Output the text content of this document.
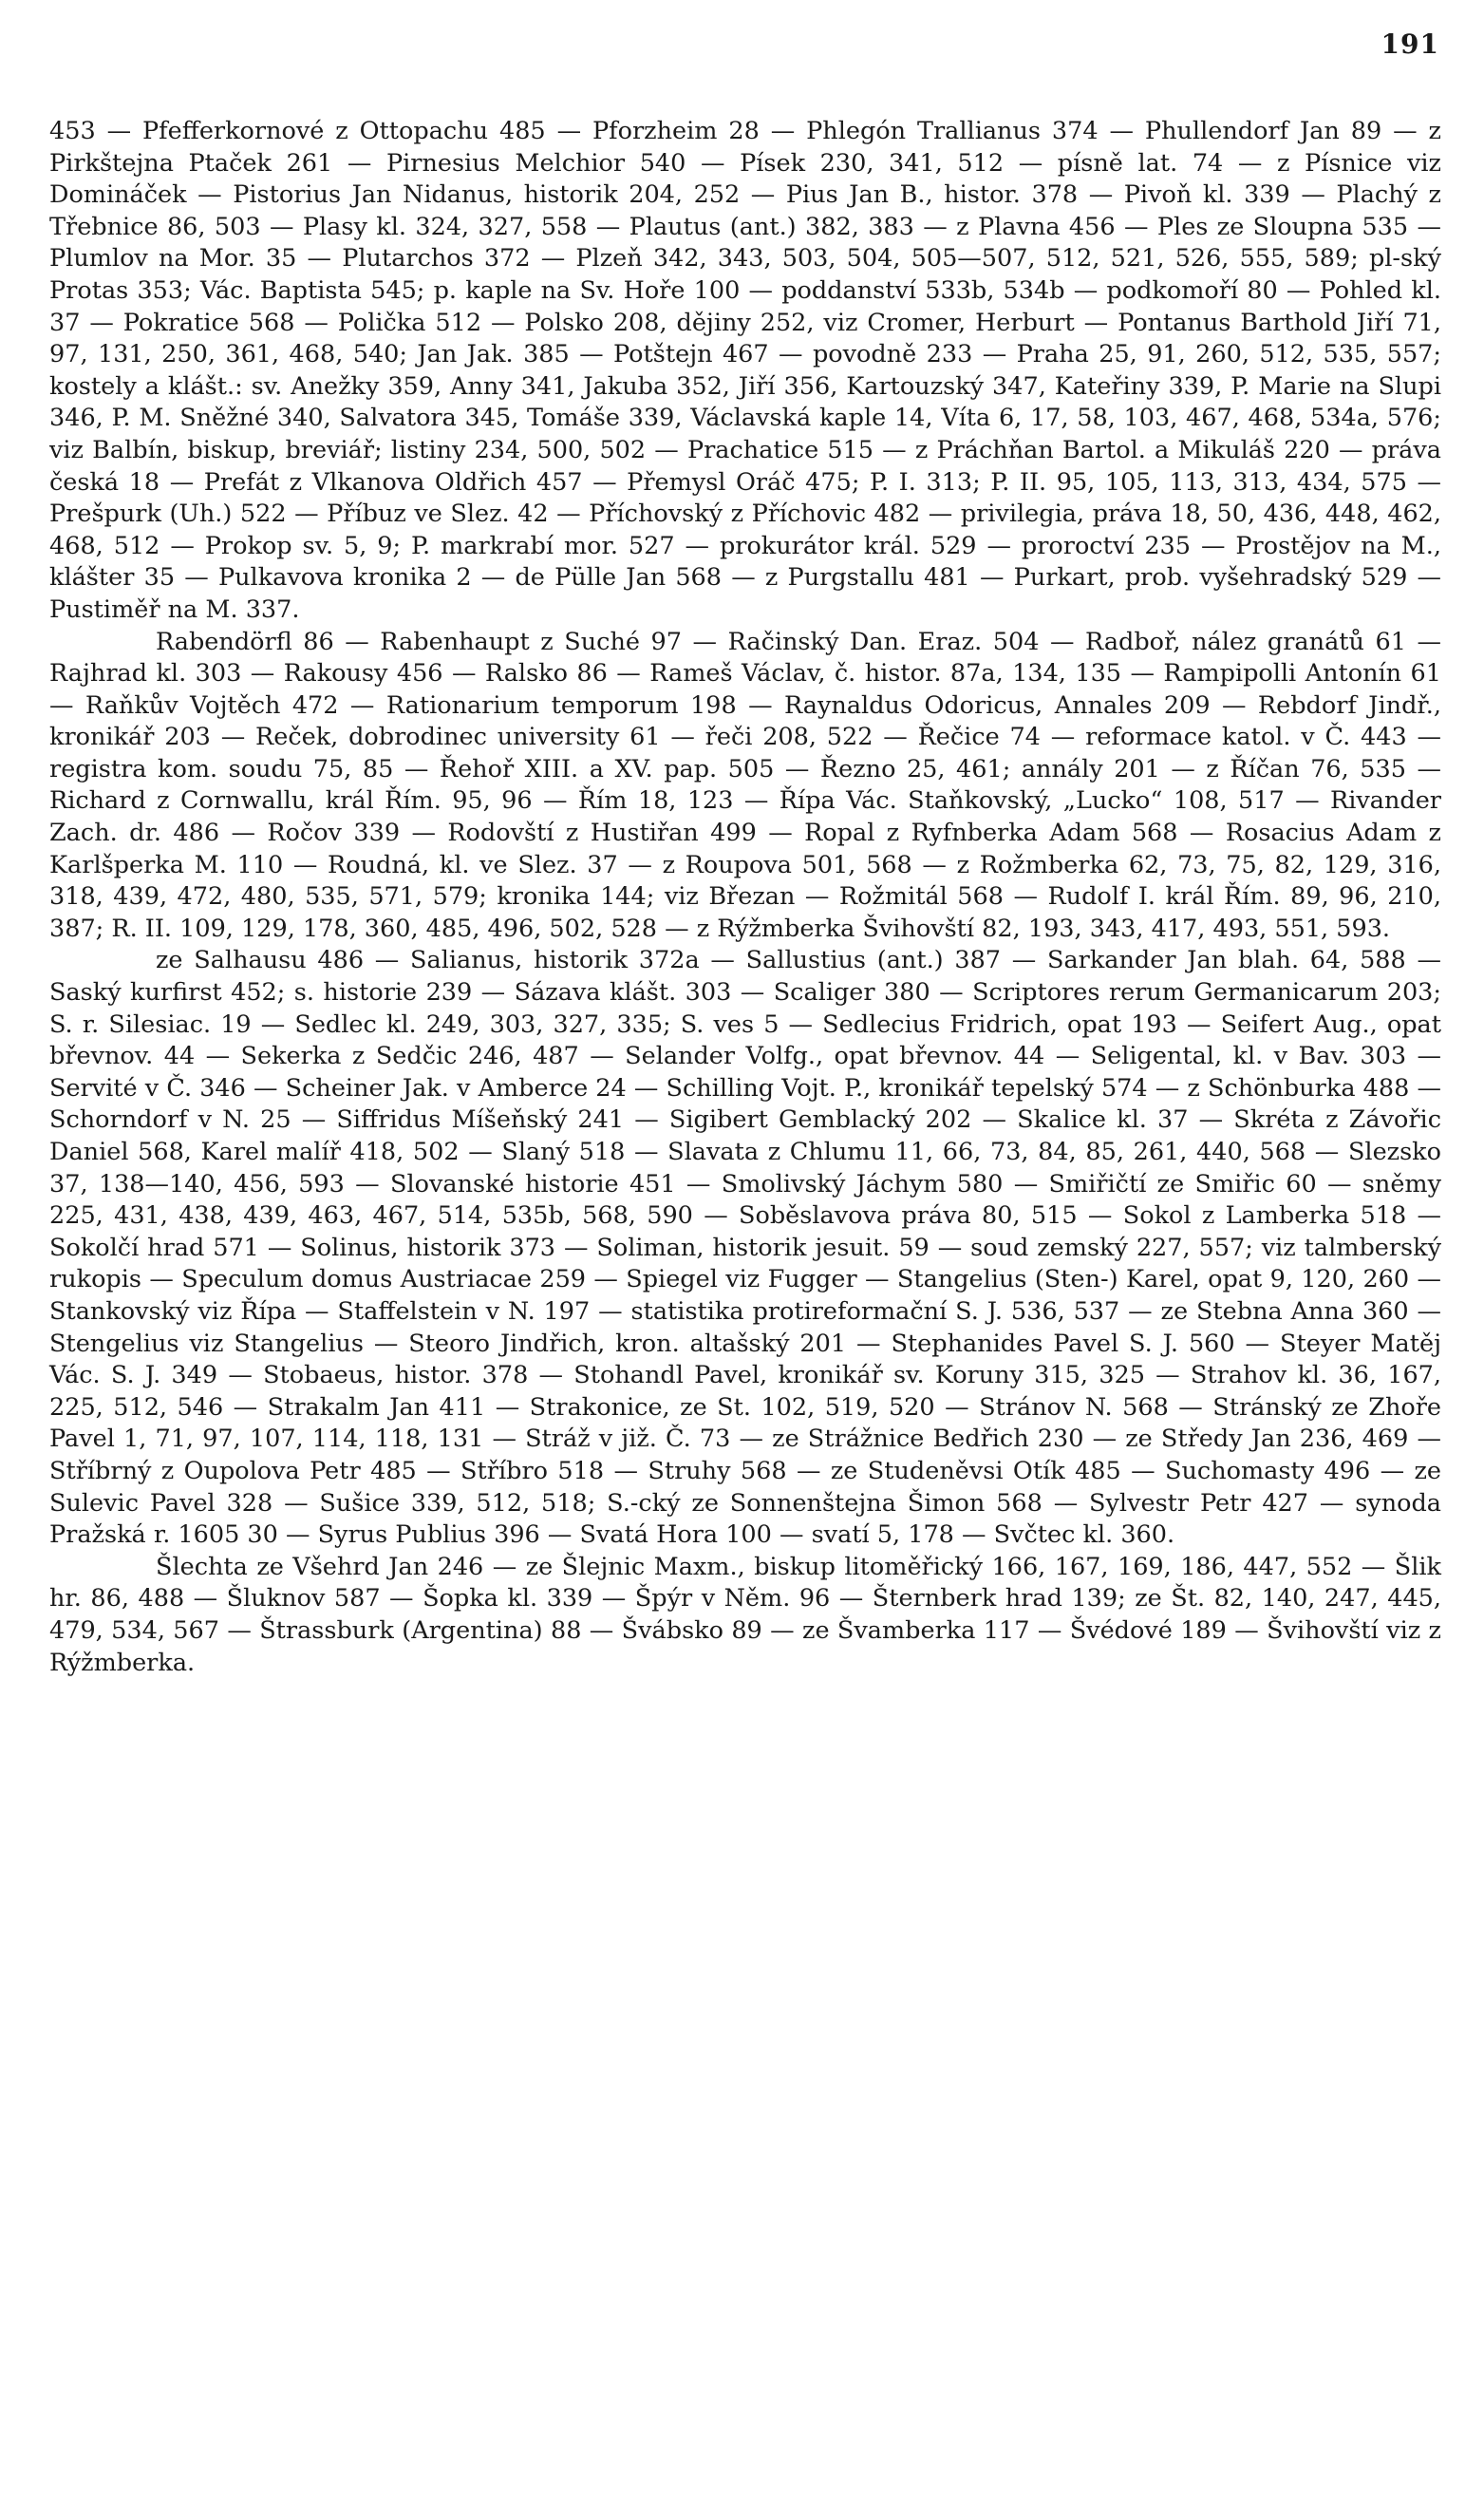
191

453 — Pfefferkornové z Ottopachu 485 — Pforzheim 28 — Phlegón Trallianus 374 — Phullendorf Jan 89 — z Pirkštejna Ptaček 261 — Pirnesius Melchior 540 — Písek 230, 341, 512 — písně lat. 74 — z Písnice viz Domináček — Pistorius Jan Nidanus, historik 204, 252 — Pius Jan B., histor. 378 — Pivoň kl. 339 — Plachý z Třebnice 86, 503 — Plasy kl. 324, 327, 558 — Plautus (ant.) 382, 383 — z Plavna 456 — Ples ze Sloupna 535 — Plumlov na Mor. 35 — Plutarchos 372 — Plzeň 342, 343, 503, 504, 505—507, 512, 521, 526, 555, 589; pl-ský Protas 353; Vác. Baptista 545; p. kaple na Sv. Hoře 100 — poddanství 533b, 534b — podkomoří 80 — Pohled kl. 37 — Pokratice 568 — Polička 512 — Polsko 208, dějiny 252, viz Cromer, Herburt — Pontanus Barthold Jiří 71, 97, 131, 250, 361, 468, 540; Jan Jak. 385 — Potštejn 467 — povodně 233 — Praha 25, 91, 260, 512, 535, 557; kostely a klášt.: sv. Anežky 359, Anny 341, Jakuba 352, Jiří 356, Kartouzský 347, Kateřiny 339, P. Marie na Slupi 346, P. M. Sněžné 340, Salvatora 345, Tomáše 339, Václavská kaple 14, Víta 6, 17, 58, 103, 467, 468, 534a, 576; viz Balbín, biskup, breviář; listiny 234, 500, 502 — Prachatice 515 — z Práchňan Bartol. a Mikuláš 220 — práva česká 18 — Prefát z Vlkanova Oldřich 457 — Přemysl Oráč 475; P. I. 313; P. II. 95, 105, 113, 313, 434, 575 — Prešpurk (Uh.) 522 — Příbuz ve Slez. 42 — Příchovský z Příchovic 482 — privilegia, práva 18, 50, 436, 448, 462, 468, 512 — Prokop sv. 5, 9; P. markrabí mor. 527 — prokurátor král. 529 — proroctví 235 — Prostějov na M., klášter 35 — Pulkavova kronika 2 — de Pülle Jan 568 — z Purgstallu 481 — Purkart, prob. vyšehradský 529 — Pustiměř na M. 337.

Rabendörfl 86 — Rabenhaupt z Suché 97 — Račinský Dan. Eraz. 504 — Radboř, nález granátů 61 — Rajhrad kl. 303 — Rakousy 456 — Ralsko 86 — Rameš Václav, č. histor. 87a, 134, 135 — Rampipolli Antonín 61 — Raňkův Vojtěch 472 — Rationarium temporum 198 — Raynaldus Odoricus, Annales 209 — Rebdorf Jindř., kronikář 203 — Reček, dobrodinec university 61 — řeči 208, 522 — Řečice 74 — reformace katol. v Č. 443 — registra kom. soudu 75, 85 — Řehoř XIII. a XV. pap. 505 — Řezno 25, 461; annály 201 — z Říčan 76, 535 — Richard z Cornwallu, král Řím. 95, 96 — Řím 18, 123 — Řípa Vác. Staňkovský, „Lucko“ 108, 517 — Rivander Zach. dr. 486 — Ročov 339 — Rodovští z Hustiřan 499 — Ropal z Ryfnberka Adam 568 — Rosacius Adam z Karlšperka M. 110 — Roudná, kl. ve Slez. 37 — z Roupova 501, 568 — z Rožmberka 62, 73, 75, 82, 129, 316, 318, 439, 472, 480, 535, 571, 579; kronika 144; viz Březan — Rožmitál 568 — Rudolf I. král Řím. 89, 96, 210, 387; R. II. 109, 129, 178, 360, 485, 496, 502, 528 — z Rýžmberka Švihovští 82, 193, 343, 417, 493, 551, 593.

ze Salhausu 486 — Salianus, historik 372a — Sallustius (ant.) 387 — Sarkander Jan blah. 64, 588 — Saský kurfirst 452; s. historie 239 — Sázava klášt. 303 — Scaliger 380 — Scriptores rerum Germanicarum 203; S. r. Silesiac. 19 — Sedlec kl. 249, 303, 327, 335; S. ves 5 — Sedlecius Fridrich, opat 193 — Seifert Aug., opat břevnov. 44 — Sekerka z Sedčic 246, 487 — Selander Volfg., opat břevnov. 44 — Seligental, kl. v Bav. 303 — Servité v Č. 346 — Scheiner Jak. v Amberce 24 — Schilling Vojt. P., kronikář tepelský 574 — z Schönburka 488 — Schorndorf v N. 25 — Siffridus Míšeňský 241 — Sigibert Gemblacký 202 — Skalice kl. 37 — Skréta z Závořic Daniel 568, Karel malíř 418, 502 — Slaný 518 — Slavata z Chlumu 11, 66, 73, 84, 85, 261, 440, 568 — Slezsko 37, 138—140, 456, 593 — Slovanské historie 451 — Smolivský Jáchym 580 — Smiřičtí ze Smiřic 60 — sněmy 225, 431, 438, 439, 463, 467, 514, 535b, 568, 590 — Soběslavova práva 80, 515 — Sokol z Lamberka 518 — Sokolčí hrad 571 — Solinus, historik 373 — Soliman, historik jesuit. 59 — soud zemský 227, 557; viz talmberský rukopis — Speculum domus Austriacae 259 — Spiegel viz Fugger — Stangelius (Sten-) Karel, opat 9, 120, 260 — Stankovský viz Řípa — Staffelstein v N. 197 — statistika protireformační S. J. 536, 537 — ze Stebna Anna 360 — Stengelius viz Stangelius — Steoro Jindřich, kron. altašský 201 — Stephanides Pavel S. J. 560 — Steyer Matěj Vác. S. J. 349 — Stobaeus, histor. 378 — Stohandl Pavel, kronikář sv. Koruny 315, 325 — Strahov kl. 36, 167, 225, 512, 546 — Strakalm Jan 411 — Strakonice, ze St. 102, 519, 520 — Stránov N. 568 — Stránský ze Zhoře Pavel 1, 71, 97, 107, 114, 118, 131 — Stráž v již. Č. 73 — ze Strážnice Bedřich 230 — ze Středy Jan 236, 469 — Stříbrný z Oupolova Petr 485 — Stříbro 518 — Struhy 568 — ze Studeněvsi Otík 485 — Suchomasty 496 — ze Sulevic Pavel 328 — Sušice 339, 512, 518; S.-cký ze Sonnenštejna Šimon 568 — Sylvestr Petr 427 — synoda Pražská r. 1605 30 — Syrus Publius 396 — Svatá Hora 100 — svatí 5, 178 — Svčtec kl. 360.

Šlechta ze Všehrd Jan 246 — ze Šlejnic Maxm., biskup litoměřický 166, 167, 169, 186, 447, 552 — Šlik hr. 86, 488 — Šluknov 587 — Šopka kl. 339 — Špýr v Něm. 96 — Šternberk hrad 139; ze Št. 82, 140, 247, 445, 479, 534, 567 — Štrassburk (Argentina) 88 — Švábsko 89 — ze Švamberka 117 — Švédové 189 — Švihovští viz z Rýžmberka.
